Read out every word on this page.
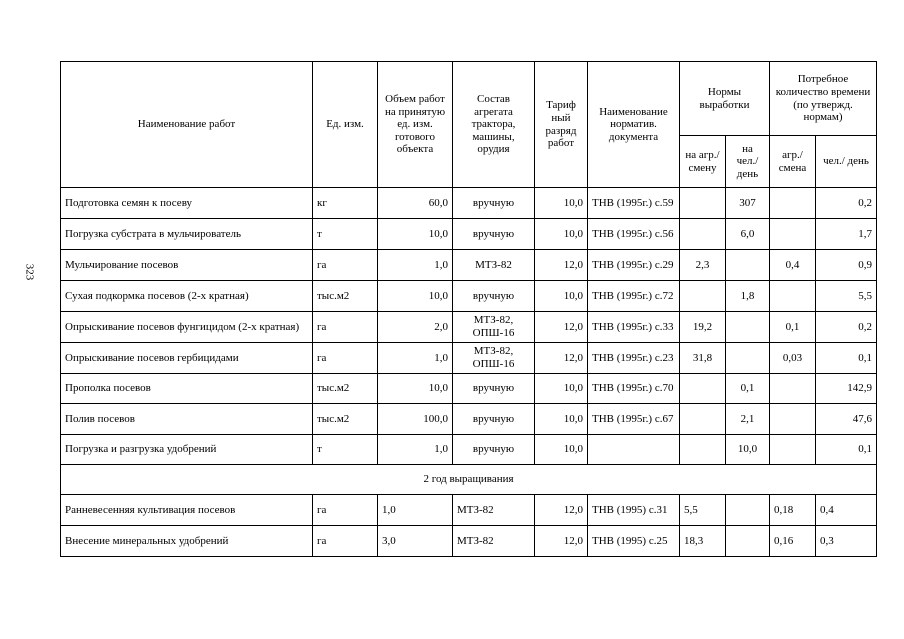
323
Наименование работ	Ед. изм.	Объем работ на принятую ед. изм. готового объекта	Состав агрегата трактора, машины, орудия	Тариф ный разряд работ	Наименование норматив. документа	Нормы выработки		Потребное количество времени (по утвержд. нормам)	
						на агр./ смену	на чел./ день	агр./ смена	чел./ день
Подготовка семян к посеву	кг	60,0	вручную	10,0	ТНВ (1995г.) с.59		307		0,2
Погрузка субстрата в мульчирователь	т	10,0	вручную	10,0	ТНВ (1995г.) с.56		6,0		1,7
Мульчирование посевов	га	1,0	МТЗ-82	12,0	ТНВ (1995г.) с.29	2,3		0,4	0,9
Сухая подкормка посевов (2-х кратная)	тыс.м2	10,0	вручную	10,0	ТНВ (1995г.) с.72		1,8		5,5
Опрыскивание посевов фунгицидом (2-х кратная)	га	2,0	МТЗ-82, ОПШ-16	12,0	ТНВ (1995г.) с.33	19,2		0,1	0,2
Опрыскивание посевов гербицидами	га	1,0	МТЗ-82, ОПШ-16	12,0	ТНВ (1995г.) с.23	31,8		0,03	0,1
Прополка посевов	тыс.м2	10,0	вручную	10,0	ТНВ (1995г.) с.70		0,1		142,9
Полив посевов	тыс.м2	100,0	вручную	10,0	ТНВ (1995г.) с.67		2,1		47,6
Погрузка и разгрузка удобрений	т	1,0	вручную	10,0			10,0		0,1
2 год выращивания									
Ранневесенняя культивация посевов	га	1,0	МТЗ-82	12,0	ТНВ (1995) с.31	5,5		0,18	0,4
Внесение минеральных удобрений	га	3,0	МТЗ-82	12,0	ТНВ (1995) с.25	18,3		0,16	0,3
